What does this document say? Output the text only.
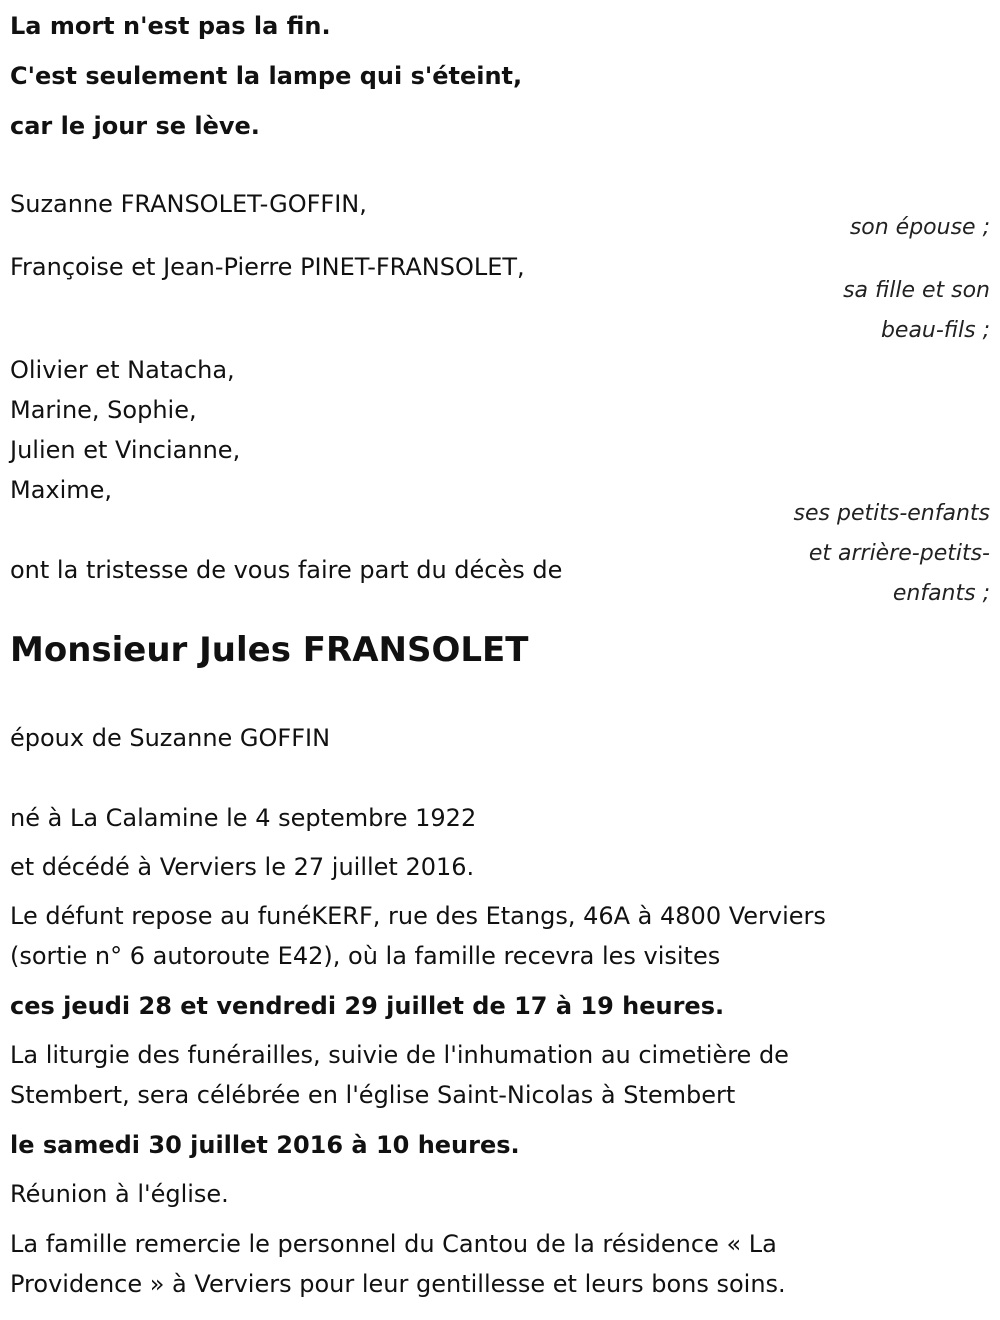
La mort n'est pas la fin.

C'est seulement la lampe qui s'éteint,

car le jour se lève.

Suzanne FRANSOLET-GOFFIN,

son épouse ;

Françoise et Jean-Pierre PINET-FRANSOLET,

sa fille et son

beau-fils ;

Olivier et Natacha,

Marine, Sophie,

Julien et Vincianne,

Maxime,

ses petits-enfants

et arrière-petits-

enfants ;

ont la tristesse de vous faire part du décès de

Monsieur Jules FRANSOLET

époux de Suzanne GOFFIN

né à La Calamine le 4 septembre 1922

et décédé à Verviers le 27 juillet 2016.

Le défunt repose au funéKERF, rue des Etangs, 46A à 4800 Verviers

(sortie n° 6 autoroute E42), où la famille recevra les visites

ces jeudi 28 et vendredi 29 juillet de 17 à 19 heures.

La liturgie des funérailles, suivie de l'inhumation au cimetière de

Stembert, sera célébrée en l'église Saint-Nicolas à Stembert

le samedi 30 juillet 2016 à 10 heures.

Réunion à l'église.

La famille remercie le personnel du Cantou de la résidence « La

Providence » à Verviers pour leur gentillesse et leurs bons soins.
